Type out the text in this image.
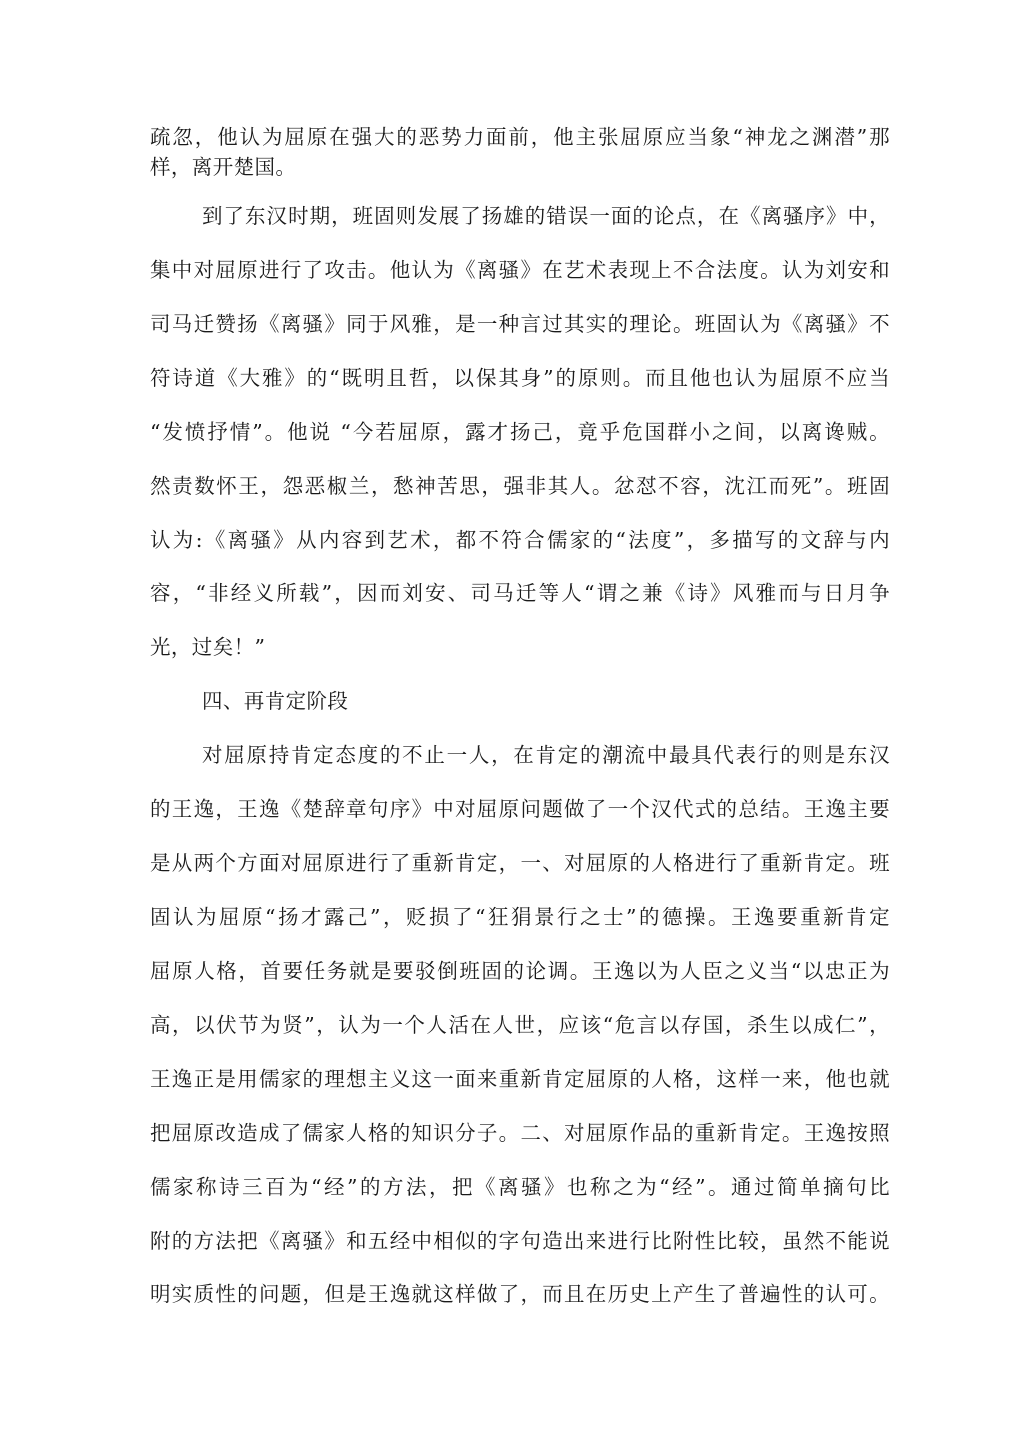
疏忽，他认为屈原在强大的恶势力面前，他主张屈原应当象“神龙之渊潜”那
样，离开楚国。
到了东汉时期，班固则发展了扬雄的错误一面的论点，在《离骚序》中，
集中对屈原进行了攻击。他认为《离骚》在艺术表现上不合法度。认为刘安和
司马迁赞扬《离骚》同于风雅，是一种言过其实的理论。班固认为《离骚》不
符诗道《大雅》的“既明且哲，以保其身”的原则。而且他也认为屈原不应当
“发愤抒情”。他说 “今若屈原，露才扬己，竟乎危国群小之间，以离谗贼。
然责数怀王，怨恶椒兰，愁神苦思，强非其人。忿怼不容，沈江而死”。班固
认为:《离骚》从内容到艺术，都不符合儒家的“法度”，多描写的文辞与内
容，“非经义所载”，因而刘安、司马迁等人“谓之兼《诗》风雅而与日月争
光，过矣！”
四、再肯定阶段
对屈原持肯定态度的不止一人，在肯定的潮流中最具代表行的则是东汉
的王逸，王逸《楚辞章句序》中对屈原问题做了一个汉代式的总结。王逸主要
是从两个方面对屈原进行了重新肯定，一、对屈原的人格进行了重新肯定。班
固认为屈原“扬才露己”，贬损了“狂狷景行之士”的德操。王逸要重新肯定
屈原人格，首要任务就是要驳倒班固的论调。王逸以为人臣之义当“以忠正为
高，以伏节为贤”，认为一个人活在人世，应该“危言以存国，杀生以成仁”，
王逸正是用儒家的理想主义这一面来重新肯定屈原的人格，这样一来，他也就
把屈原改造成了儒家人格的知识分子。二、对屈原作品的重新肯定。王逸按照
儒家称诗三百为“经”的方法，把《离骚》也称之为“经”。通过简单摘句比
附的方法把《离骚》和五经中相似的字句造出来进行比附性比较，虽然不能说
明实质性的问题，但是王逸就这样做了，而且在历史上产生了普遍性的认可。
